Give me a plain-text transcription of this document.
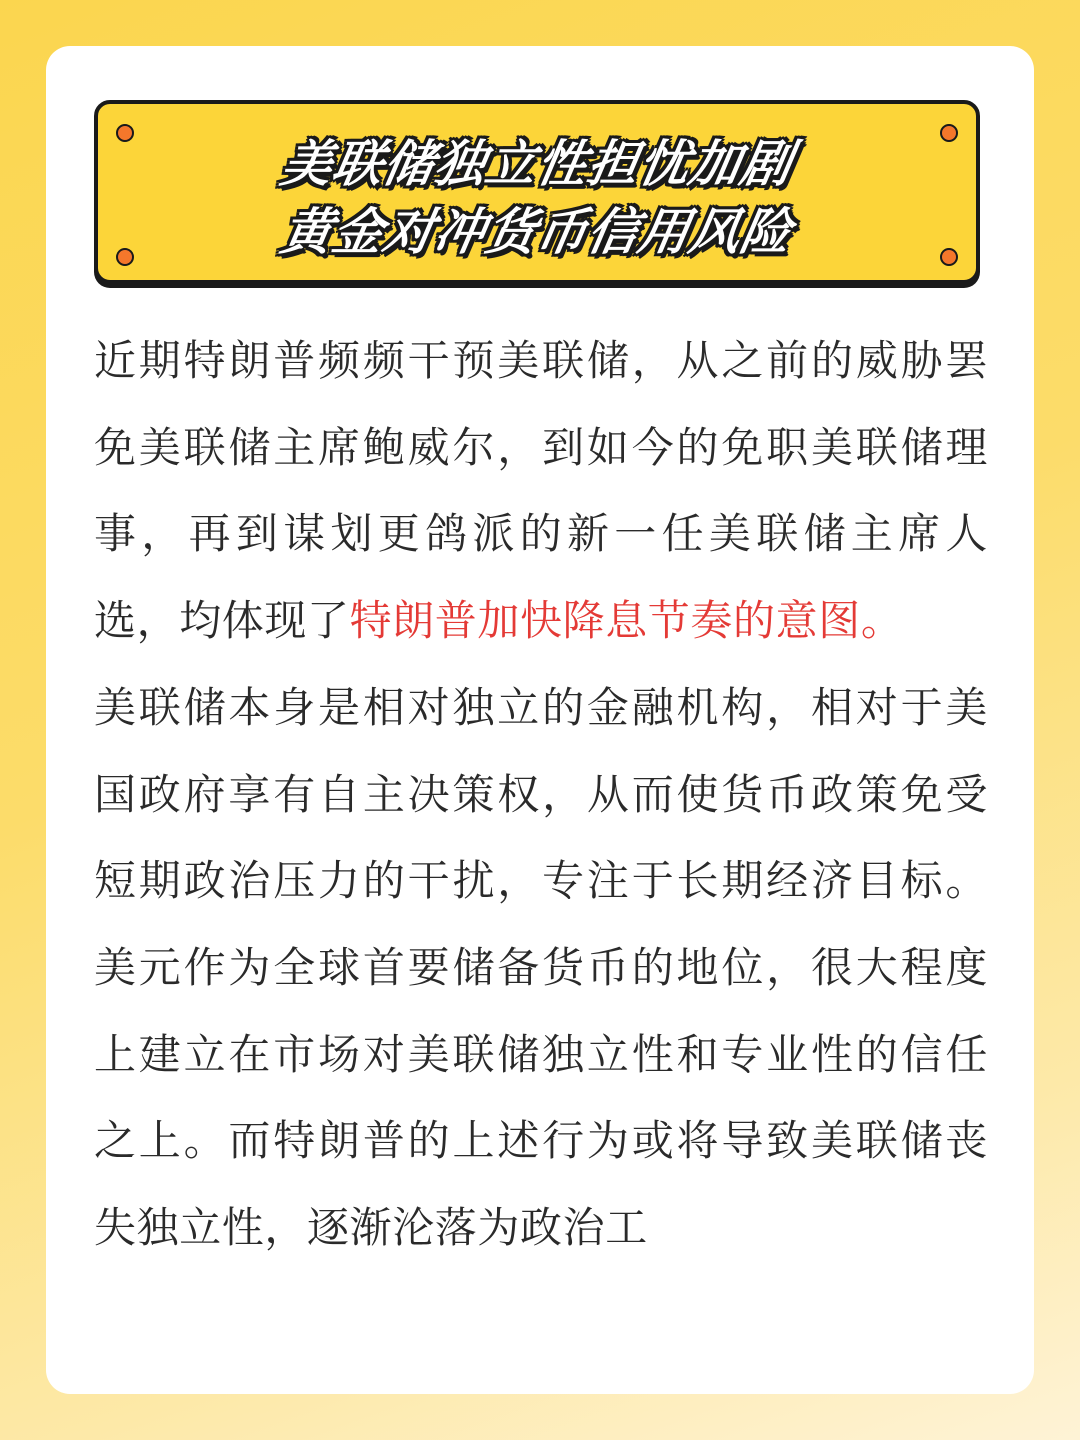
美联储独立性担忧加剧
黄金对冲货币信用风险
近期特朗普频频干预美联储，从之前的威胁罢免美联储主席鲍威尔，到如今的免职美联储理事，再到谋划更鸽派的新一任美联储主席人选，均体现了特朗普加快降息节奏的意图。
美联储本身是相对独立的金融机构，相对于美国政府享有自主决策权，从而使货币政策免受短期政治压力的干扰，专注于长期经济目标。美元作为全球首要储备货币的地位，很大程度上建立在市场对美联储独立性和专业性的信任之上。而特朗普的上述行为或将导致美联储丧失独立性，逐渐沦落为政治工
